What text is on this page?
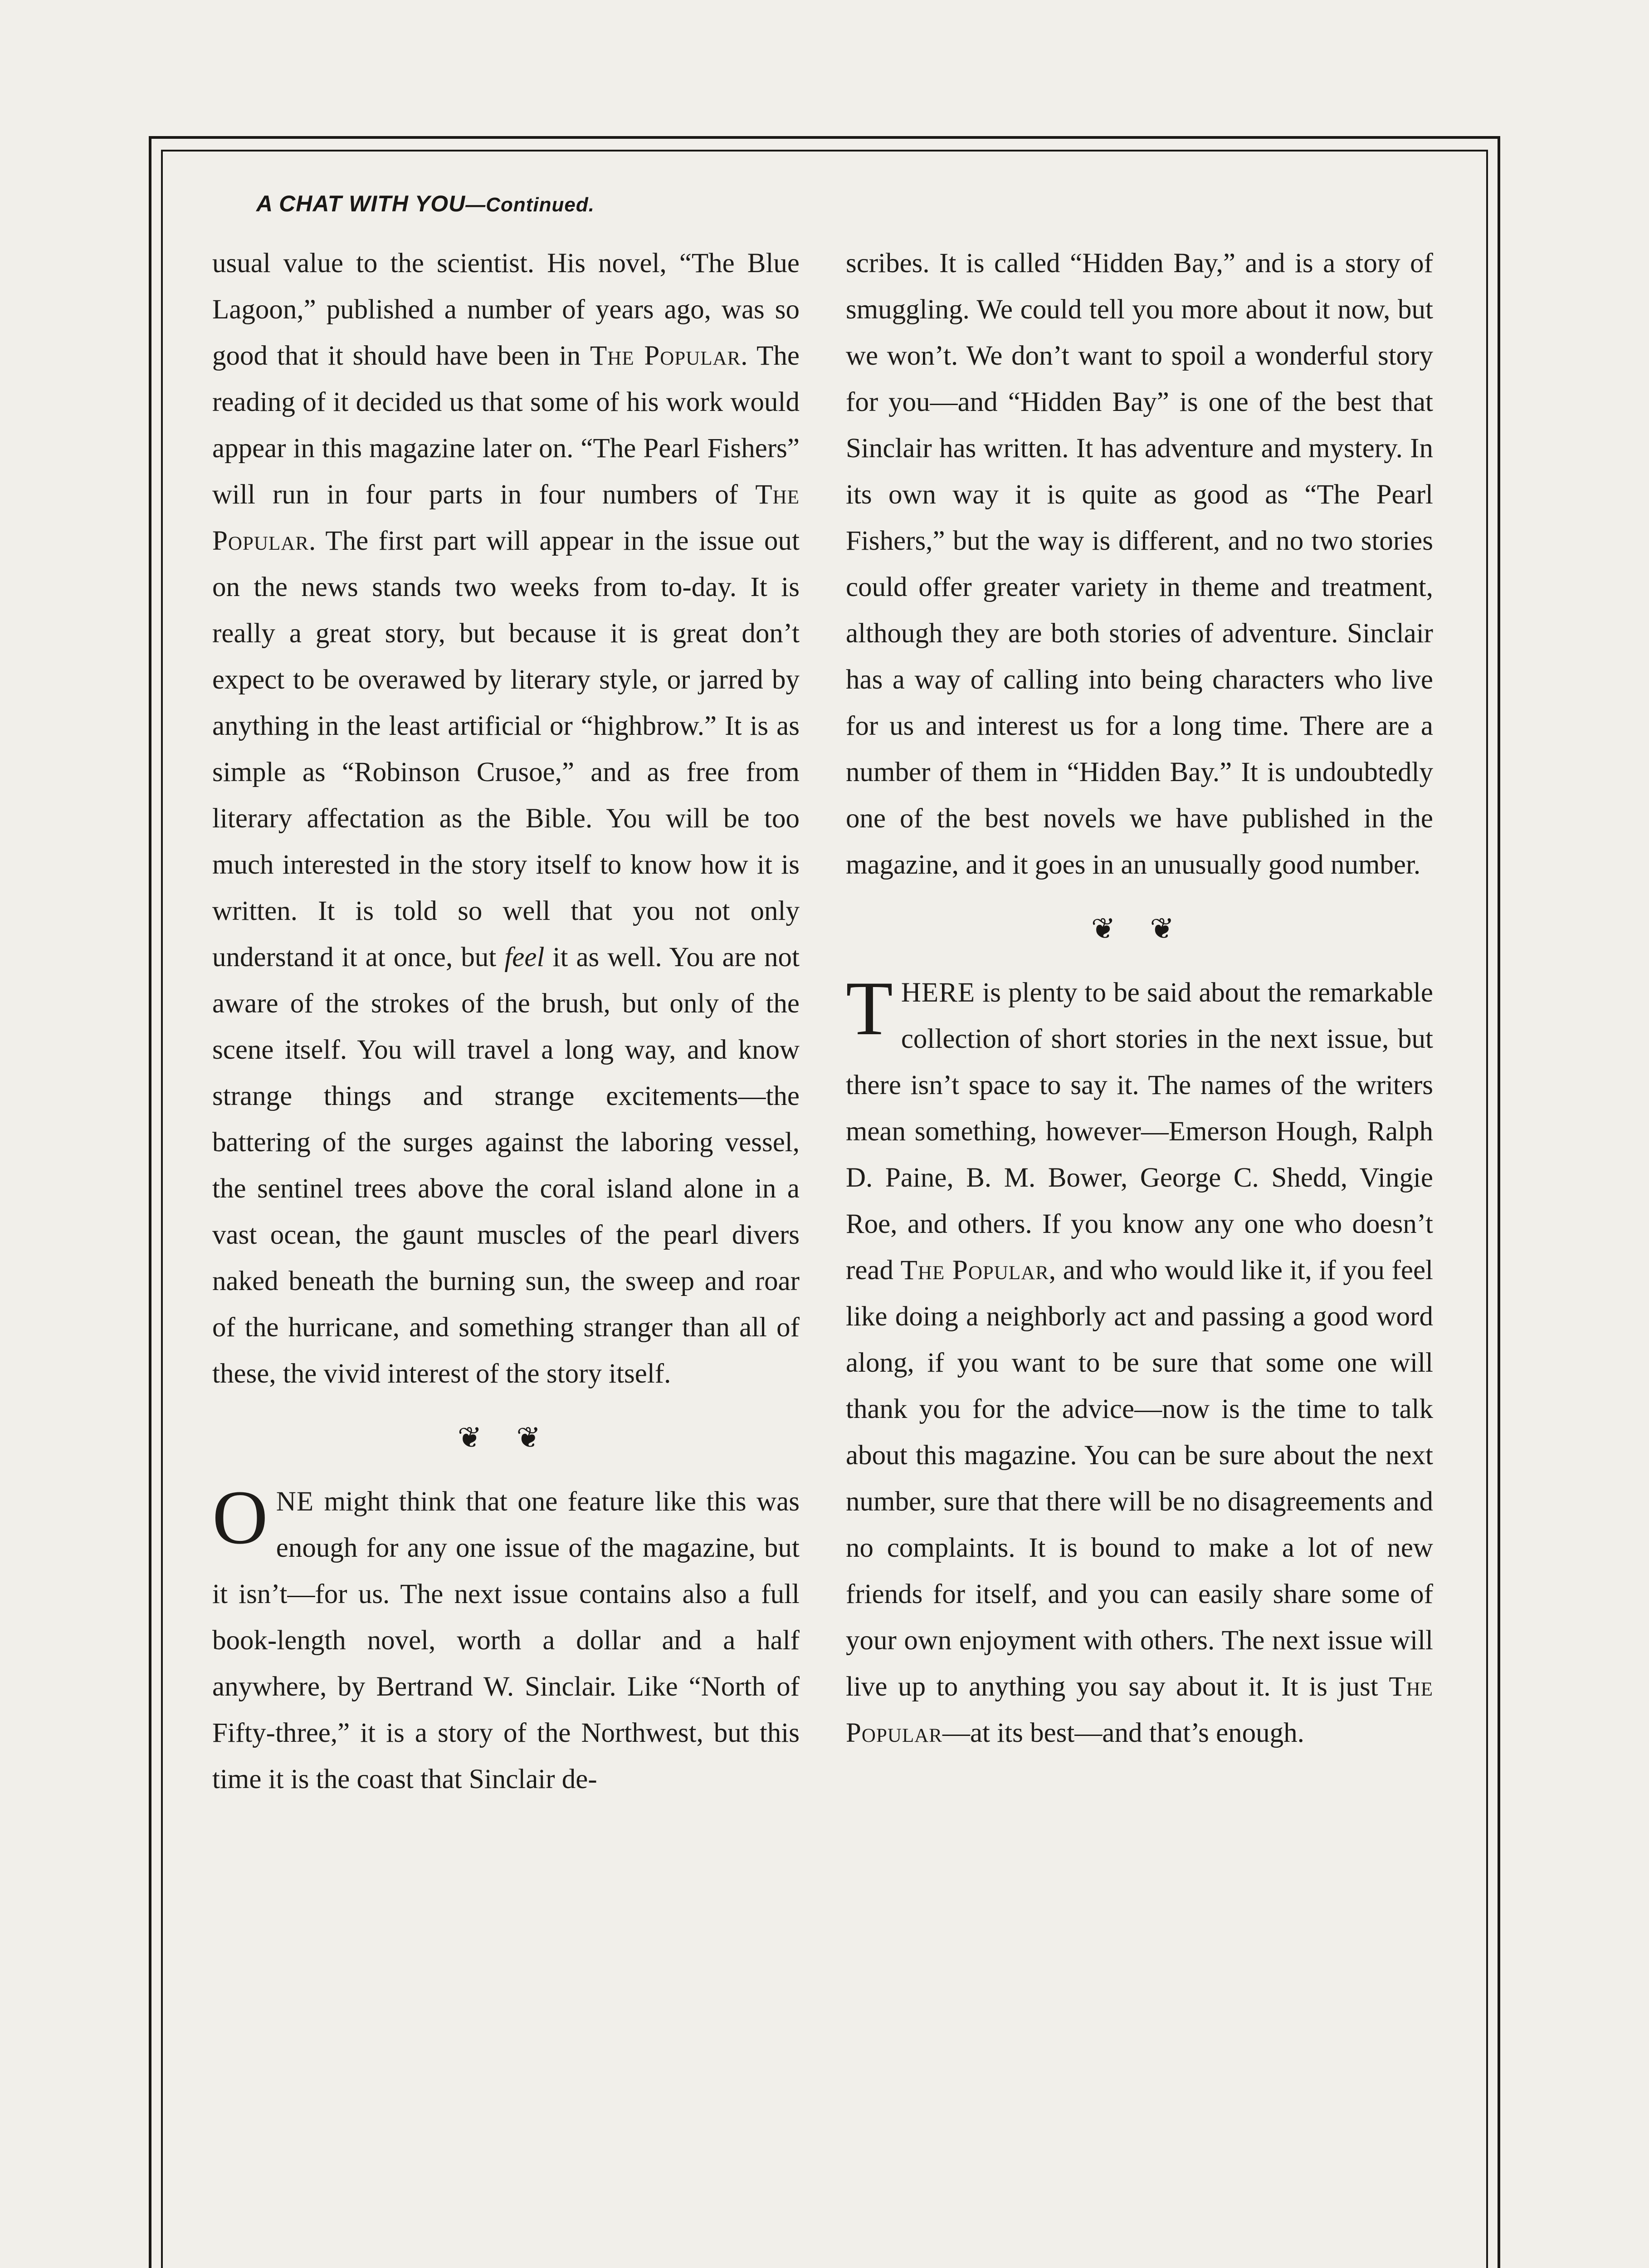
A CHAT WITH YOU—Continued.

usual value to the scientist. His novel, “The Blue Lagoon,” published a number of years ago, was so good that it should have been in The Popular. The reading of it decided us that some of his work would appear in this magazine later on. “The Pearl Fishers” will run in four parts in four numbers of The Popular. The first part will appear in the issue out on the news stands two weeks from to-day. It is really a great story, but because it is great don’t expect to be overawed by literary style, or jarred by anything in the least artificial or “highbrow.” It is as simple as “Robinson Crusoe,” and as free from literary affectation as the Bible. You will be too much interested in the story itself to know how it is written. It is told so well that you not only understand it at once, but feel it as well. You are not aware of the strokes of the brush, but only of the scene itself. You will travel a long way, and know strange things and strange excitements—the battering of the surges against the laboring vessel, the sentinel trees above the coral island alone in a vast ocean, the gaunt muscles of the pearl divers naked beneath the burning sun, the sweep and roar of the hurricane, and something stranger than all of these, the vivid interest of the story itself.

❦ ❦

ONE might think that one feature like this was enough for any one issue of the magazine, but it isn’t—for us. The next issue contains also a full book-length novel, worth a dollar and a half anywhere, by Bertrand W. Sinclair. Like “North of Fifty-three,” it is a story of the Northwest, but this time it is the coast that Sinclair de-

scribes. It is called “Hidden Bay,” and is a story of smuggling. We could tell you more about it now, but we won’t. We don’t want to spoil a wonderful story for you—and “Hidden Bay” is one of the best that Sinclair has written. It has adventure and mystery. In its own way it is quite as good as “The Pearl Fishers,” but the way is different, and no two stories could offer greater variety in theme and treatment, although they are both stories of adventure. Sinclair has a way of calling into being characters who live for us and interest us for a long time. There are a number of them in “Hidden Bay.” It is undoubtedly one of the best novels we have published in the magazine, and it goes in an unusually good number.

❦ ❦

THERE is plenty to be said about the remarkable collection of short stories in the next issue, but there isn’t space to say it. The names of the writers mean something, however—Emerson Hough, Ralph D. Paine, B. M. Bower, George C. Shedd, Vingie Roe, and others. If you know any one who doesn’t read The Popular, and who would like it, if you feel like doing a neighborly act and passing a good word along, if you want to be sure that some one will thank you for the advice—now is the time to talk about this magazine. You can be sure about the next number, sure that there will be no disagreements and no complaints. It is bound to make a lot of new friends for itself, and you can easily share some of your own enjoyment with others. The next issue will live up to anything you say about it. It is just The Popular—at its best—and that’s enough.
